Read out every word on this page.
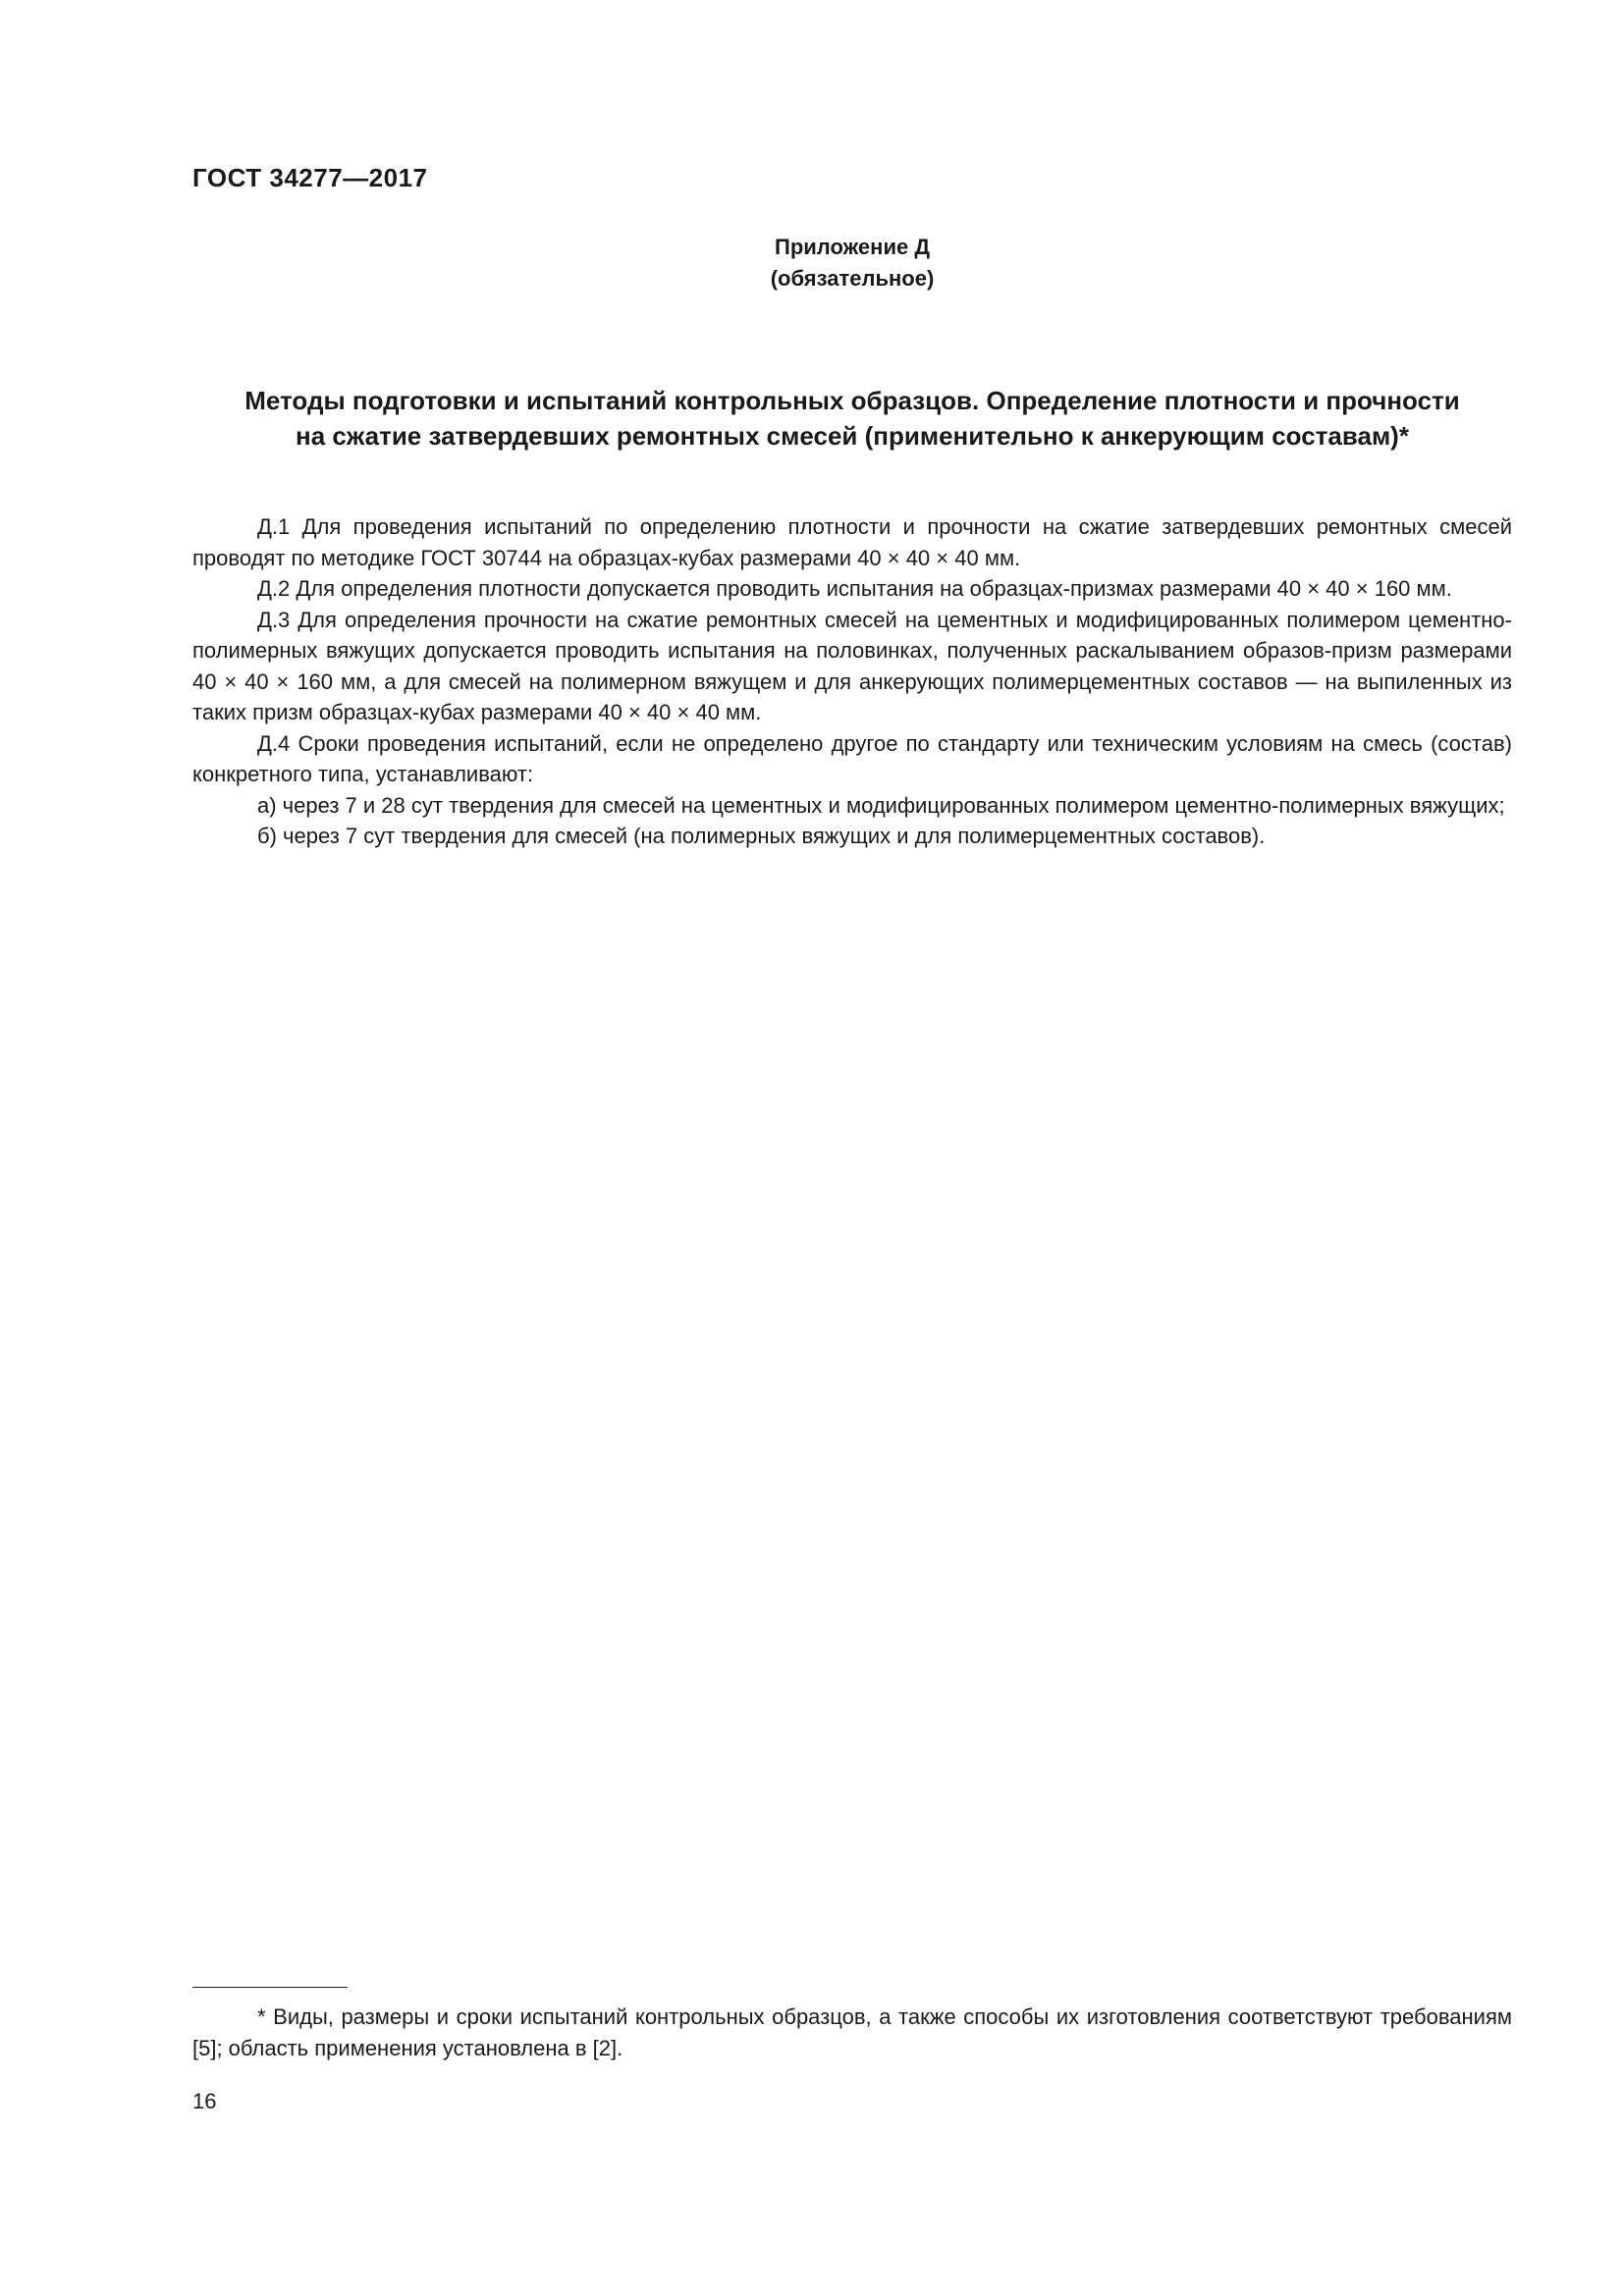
ГОСТ 34277—2017
Приложение Д
(обязательное)
Методы подготовки и испытаний контрольных образцов. Определение плотности и прочности
на сжатие затвердевших ремонтных смесей (применительно к анкерующим составам)*

Д.1 Для проведения испытаний по определению плотности и прочности на сжатие затвердевших ремонтных смесей проводят по методике ГОСТ 30744 на образцах-кубах размерами 40 × 40 × 40 мм.

Д.2 Для определения плотности допускается проводить испытания на образцах-призмах размерами 40 × 40 × 160 мм.

Д.3 Для определения прочности на сжатие ремонтных смесей на цементных и модифицированных полимером цементно-полимерных вяжущих допускается проводить испытания на половинках, полученных раскалыванием образов-призм размерами 40 × 40 × 160 мм, а для смесей на полимерном вяжущем и для анкерующих полимерцементных составов — на выпиленных из таких призм образцах-кубах размерами 40 × 40 × 40 мм.

Д.4 Сроки проведения испытаний, если не определено другое по стандарту или техническим условиям на смесь (состав) конкретного типа, устанавливают:

а) через 7 и 28 сут твердения для смесей на цементных и модифицированных полимером цементно-полимерных вяжущих;

б) через 7 сут твердения для смесей (на полимерных вяжущих и для полимерцементных составов).

* Виды, размеры и сроки испытаний контрольных образцов, а также способы их изготовления соответствуют требованиям [5]; область применения установлена в [2].

16
